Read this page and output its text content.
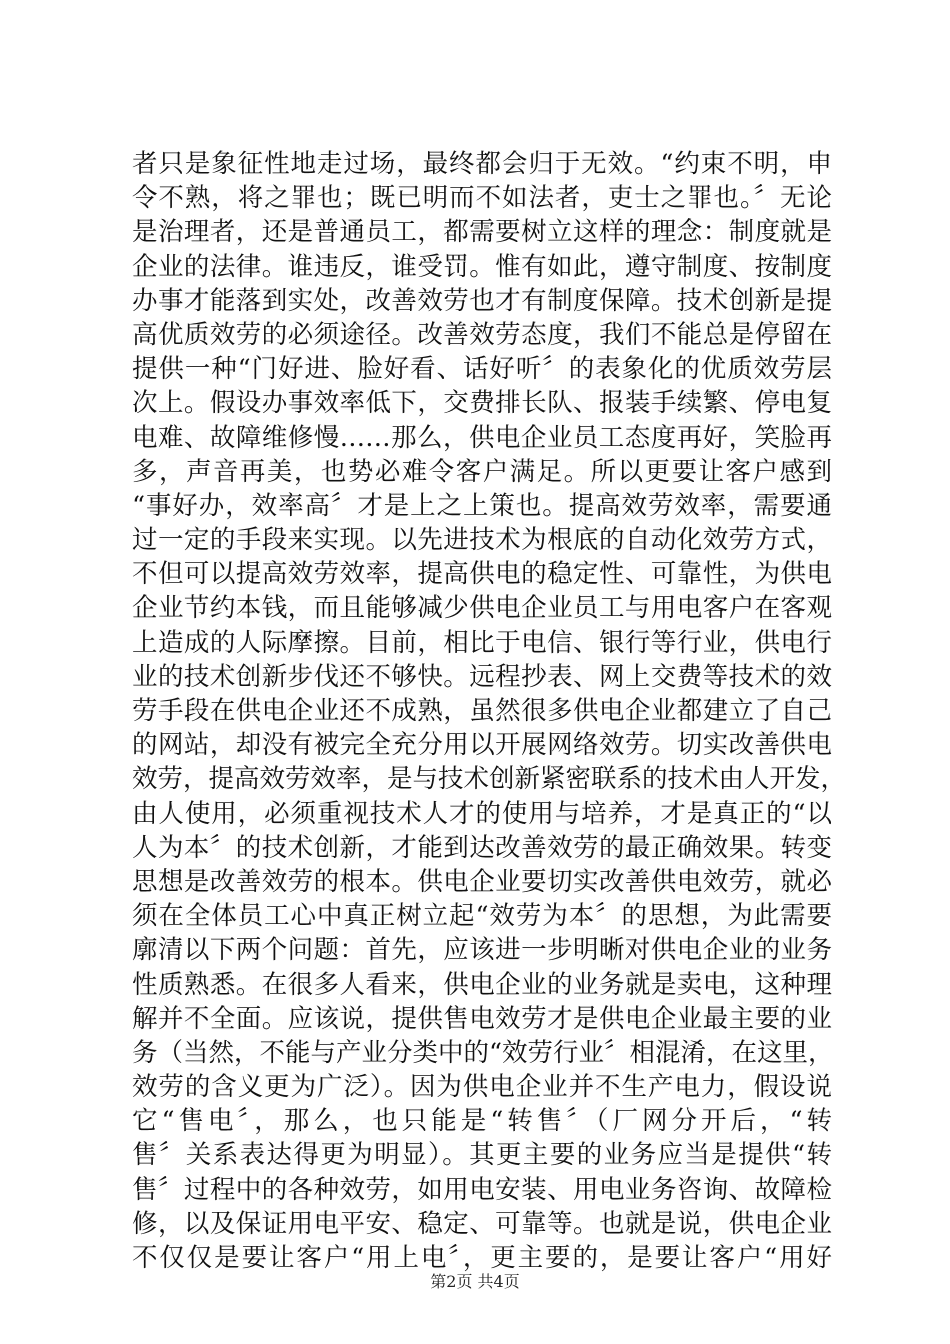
者只是象征性地走过场，最终都会归于无效。“约束不明，申
令不熟，将之罪也；既已明而不如法者，吏士之罪也。〞无论
是治理者，还是普通员工，都需要树立这样的理念：制度就是
企业的法律。谁违反，谁受罚。惟有如此，遵守制度、按制度
办事才能落到实处，改善效劳也才有制度保障。技术创新是提
高优质效劳的必须途径。改善效劳态度，我们不能总是停留在
提供一种“门好进、脸好看、话好听〞的表象化的优质效劳层
次上。假设办事效率低下，交费排长队、报装手续繁、停电复
电难、故障维修慢……那么，供电企业员工态度再好，笑脸再
多，声音再美，也势必难令客户满足。所以更要让客户感到
“事好办，效率高〞才是上之上策也。提高效劳效率，需要通
过一定的手段来实现。以先进技术为根底的自动化效劳方式，
不但可以提高效劳效率，提高供电的稳定性、可靠性，为供电
企业节约本钱，而且能够减少供电企业员工与用电客户在客观
上造成的人际摩擦。目前，相比于电信、银行等行业，供电行
业的技术创新步伐还不够快。远程抄表、网上交费等技术的效
劳手段在供电企业还不成熟，虽然很多供电企业都建立了自己
的网站，却没有被完全充分用以开展网络效劳。切实改善供电
效劳，提高效劳效率，是与技术创新紧密联系的技术由人开发，
由人使用，必须重视技术人才的使用与培养，才是真正的“以
人为本〞的技术创新，才能到达改善效劳的最正确效果。转变
思想是改善效劳的根本。供电企业要切实改善供电效劳，就必
须在全体员工心中真正树立起“效劳为本〞的思想，为此需要
廓清以下两个问题：首先，应该进一步明晰对供电企业的业务
性质熟悉。在很多人看来，供电企业的业务就是卖电，这种理
解并不全面。应该说，提供售电效劳才是供电企业最主要的业
务（当然，不能与产业分类中的“效劳行业〞相混淆，在这里，
效劳的含义更为广泛）。因为供电企业并不生产电力，假设说
它“售电〞，那么，也只能是“转售〞（厂网分开后，“转
售〞关系表达得更为明显）。其更主要的业务应当是提供“转
售〞过程中的各种效劳，如用电安装、用电业务咨询、故障检
修，以及保证用电平安、稳定、可靠等。也就是说，供电企业
不仅仅是要让客户“用上电〞，更主要的，是要让客户“用好
第2页 共4页
